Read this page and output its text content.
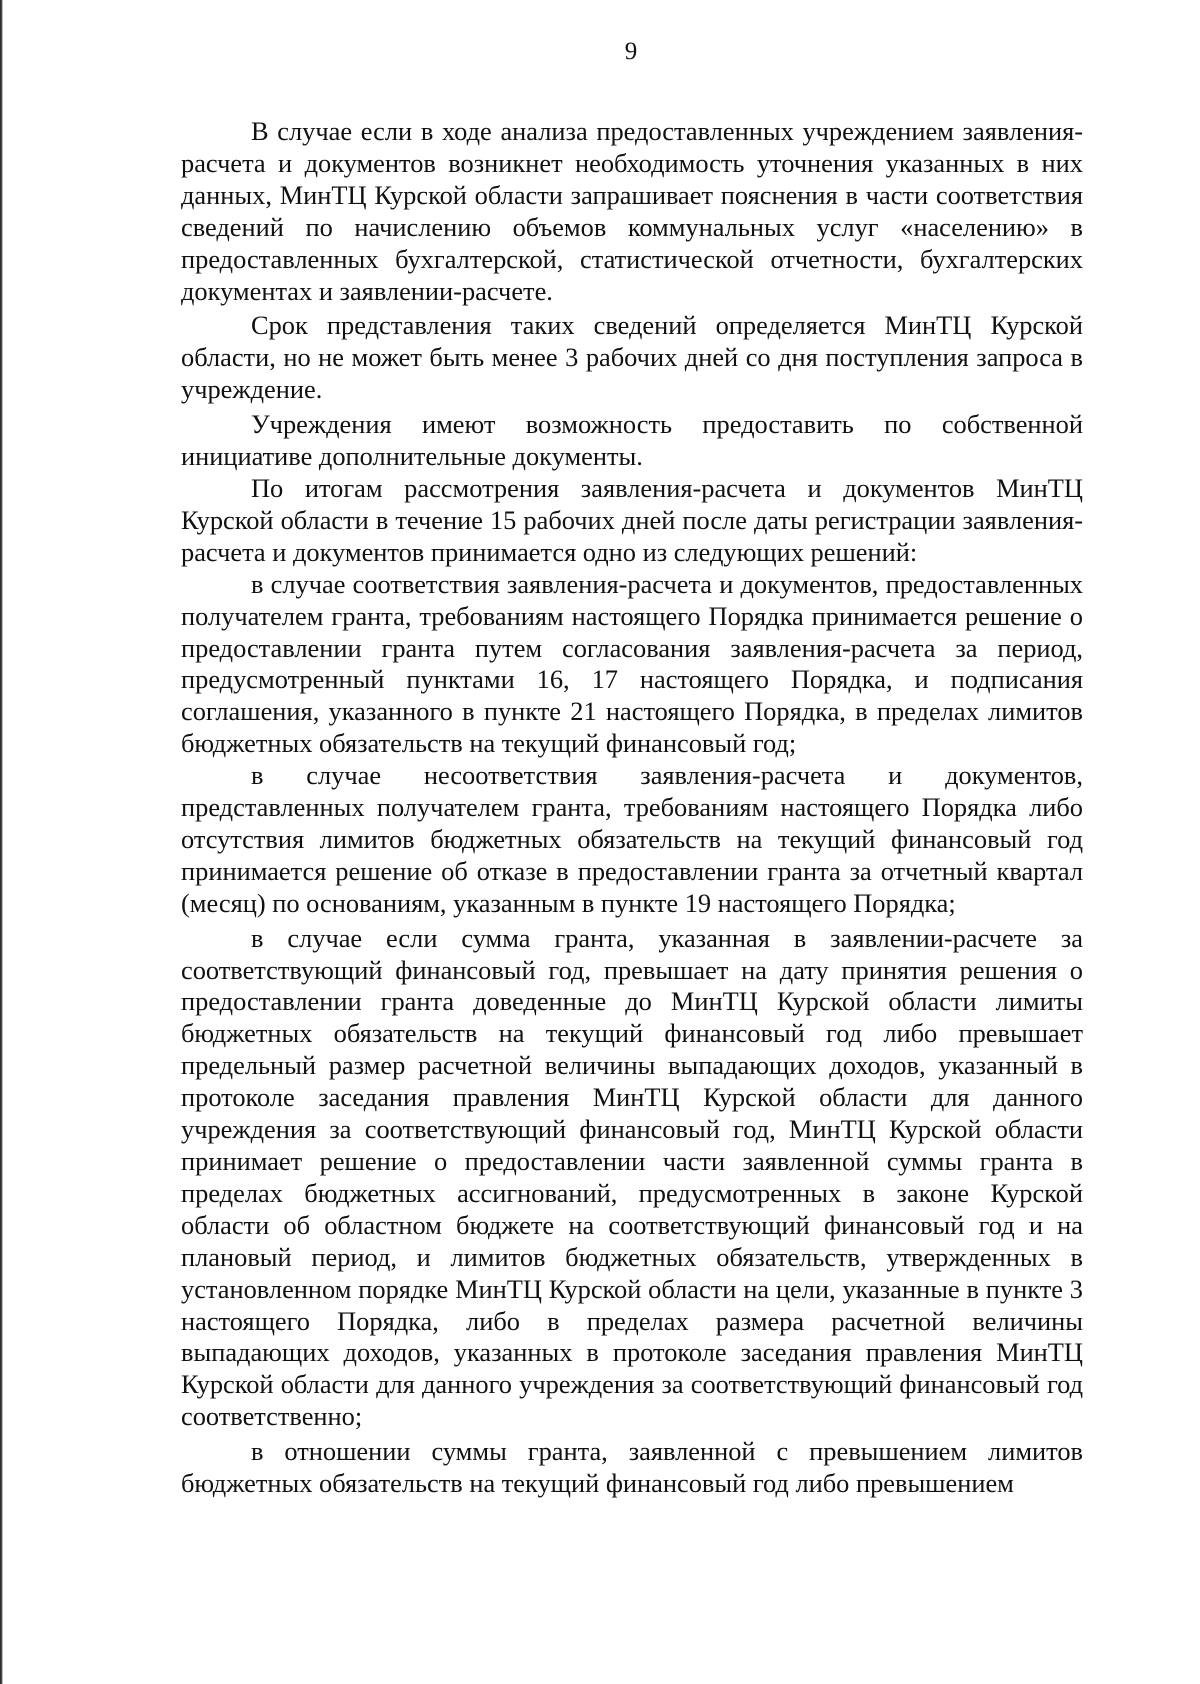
9

В случае если в ходе анализа предоставленных учреждением заявления-расчета и документов возникнет необходимость уточнения указанных в них данных, МинТЦ Курской области запрашивает пояснения в части соответствия сведений по начислению объемов коммунальных услуг «населению» в предоставленных бухгалтерской, статистической отчетности, бухгалтерских документах и заявлении-расчете.

Срок представления таких сведений определяется МинТЦ Курской области, но не может быть менее 3 рабочих дней со дня поступления запроса в учреждение.

Учреждения имеют возможность предоставить по собственной инициативе дополнительные документы.

По итогам рассмотрения заявления-расчета и документов МинТЦ Курской области в течение 15 рабочих дней после даты регистрации заявления-расчета и документов принимается одно из следующих решений:

в случае соответствия заявления-расчета и документов, предоставленных получателем гранта, требованиям настоящего Порядка принимается решение о предоставлении гранта путем согласования заявления-расчета за период, предусмотренный пунктами 16, 17 настоящего Порядка, и подписания соглашения, указанного в пункте 21 настоящего Порядка, в пределах лимитов бюджетных обязательств на текущий финансовый год;

в случае несоответствия заявления-расчета и документов, представленных получателем гранта, требованиям настоящего Порядка либо отсутствия лимитов бюджетных обязательств на текущий финансовый год принимается решение об отказе в предоставлении гранта за отчетный квартал (месяц) по основаниям, указанным в пункте 19 настоящего Порядка;

в случае если сумма гранта, указанная в заявлении-расчете за соответствующий финансовый год, превышает на дату принятия решения о предоставлении гранта доведенные до МинТЦ Курской области лимиты бюджетных обязательств на текущий финансовый год либо превышает предельный размер расчетной величины выпадающих доходов, указанный в протоколе заседания правления МинТЦ Курской области для данного учреждения за соответствующий финансовый год, МинТЦ Курской области принимает решение о предоставлении части заявленной суммы гранта в пределах бюджетных ассигнований, предусмотренных в законе Курской области об областном бюджете на соответствующий финансовый год и на плановый период, и лимитов бюджетных обязательств, утвержденных в установленном порядке МинТЦ Курской области на цели, указанные в пункте 3 настоящего Порядка, либо в пределах размера расчетной величины выпадающих доходов, указанных в протоколе заседания правления МинТЦ Курской области для данного учреждения за соответствующий финансовый год соответственно;

в отношении суммы гранта, заявленной с превышением лимитов бюджетных обязательств на текущий финансовый год либо превышением
